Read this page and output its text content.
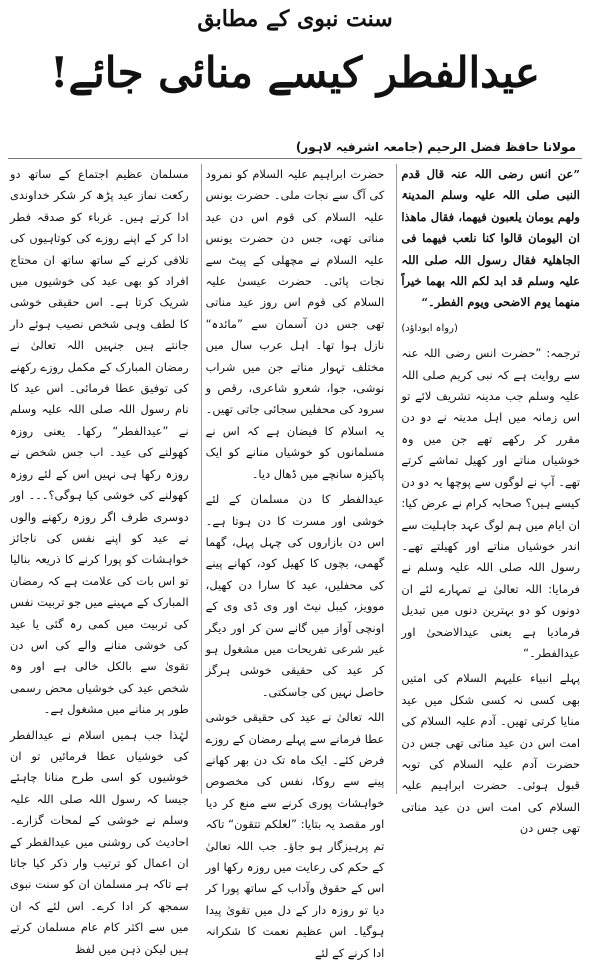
سنت نبوی کے مطابق
عیدالفطر کیسے منائی جائے!
مولانا حافظ فضل الرحیم (جامعہ اشرفیہ لاہور)

”عن انس رضی اللہ عنہ قال قدم النبی صلی اللہ علیہ وسلم المدینۃ ولھم یومان یلعبون فیھما، فقال ماھذا ان الیومان قالوا کنا نلعب فیھما فی الجاھلیۃ فقال رسول اللہ صلی اللہ علیہ وسلم قد ابد لکم اللہ بھما خیراً منھما یوم الاضحی ویوم الفطر۔“

(رواہ ابوداؤد)

ترجمہ: ”حضرت انس رضی اللہ عنہ سے روایت ہے کہ نبی کریم صلی اللہ علیہ وسلم جب مدینہ تشریف لائے تو اس زمانہ میں اہل مدینہ نے دو دن مقرر کر رکھے تھے جن میں وہ خوشیاں مناتے اور کھیل تماشے کرتے تھے۔ آپ نے لوگوں سے پوچھا یہ دو دن کیسے ہیں؟ صحابہ کرام نے عرض کیا: ان ایام میں ہم لوگ عہد جاہلیت سے اندر خوشیاں مناتے اور کھیلتے تھے۔ رسول اللہ صلی اللہ علیہ وسلم نے فرمایا: اللہ تعالیٰ نے تمہارے لئے ان دونوں کو دو بہترین دنوں میں تبدیل فرمادیا ہے یعنی عیدالاضحیٰ اور عیدالفطر۔“

پہلے انبیاء علیہم السلام کی امتیں بھی کسی نہ کسی شکل میں عید منایا کرتی تھیں۔ آدم علیہ السلام کی امت اس دن عید مناتی تھی جس دن حضرت آدم علیہ السلام کی توبہ قبول ہوئی۔ حضرت ابراہیم علیہ السلام کی امت اس دن عید مناتی تھی جس دن

حضرت ابراہیم علیہ السلام کو نمرود کی آگ سے نجات ملی۔ حضرت یونس علیہ السلام کی قوم اس دن عید مناتی تھی، جس دن حضرت یونس علیہ السلام نے مچھلی کے پیٹ سے نجات پائی۔ حضرت عیسیٰ علیہ السلام کی قوم اس روز عید مناتی تھی جس دن آسمان سے ”مائدہ“ نازل ہوا تھا۔ اہل عرب سال میں مختلف تہوار مناتے جن میں شراب نوشی، جوا، شعرو شاعری، رقص و سرود کی محفلیں سجائی جاتی تھیں۔ یہ اسلام کا فیضان ہے کہ اس نے مسلمانوں کو خوشیاں منانے کو ایک پاکیزہ سانچے میں ڈھال دیا۔

عیدالفطر کا دن مسلمان کے لئے خوشی اور مسرت کا دن ہوتا ہے۔ اس دن بازاروں کی چہل پہل، گھما گھمی، بچوں کا کھیل کود، کھانے پینے کی محفلیں، عید کا سارا دن کھیل، موویز، کیبل نیٹ اور وی ڈی وی کے اونچی آواز میں گانے سن کر اور دیگر غیر شرعی تفریحات میں مشغول ہو کر عید کی حقیقی خوشی ہرگز حاصل نہیں کی جاسکتی۔

اللہ تعالیٰ نے عید کی حقیقی خوشی عطا فرمانے سے پہلے رمضان کے روزے فرض کئے۔ ایک ماہ تک دن بھر کھانے پینے سے روکا، نفس کی مخصوص خواہشات پوری کرنے سے منع کر دیا اور مقصد یہ بتایا: ”لعلکم تتقون“ تاکہ تم پرہیزگار ہو جاؤ۔ جب اللہ تعالیٰ کے حکم کی رعایت میں روزہ رکھا اور اس کے حقوق وآداب کے ساتھ پورا کر دیا تو روزہ دار کے دل میں تقویٰ پیدا ہوگیا۔ اس عظیم نعمت کا شکرانہ ادا کرنے کے لئے

مسلمان عظیم اجتماع کے ساتھ دو رکعت نماز عید پڑھ کر شکر خداوندی ادا کرتے ہیں۔ غرباء کو صدقہ فطر ادا کر کے اپنے روزے کی کوتاہیوں کی تلافی کرنے کے ساتھ ساتھ ان محتاج افراد کو بھی عید کی خوشیوں میں شریک کرتا ہے۔ اس حقیقی خوشی کا لطف وہی شخص نصیب ہوئے دار جانتے ہیں جنہیں اللہ تعالیٰ نے رمضان المبارک کے مکمل روزے رکھنے کی توفیق عطا فرمائی۔ اس عید کا نام رسول اللہ صلی اللہ علیہ وسلم نے ”عیدالفطر“ رکھا۔ یعنی روزہ کھولنے کی عید۔ اب جس شخص نے روزہ رکھا ہی نہیں اس کے لئے روزہ کھولنے کی خوشی کیا ہوگی؟۔۔۔ اور دوسری طرف اگر روزہ رکھنے والوں نے عید کو اپنے نفس کی ناجائز خواہشات کو پورا کرنے کا ذریعہ بنالیا تو اس بات کی علامت ہے کہ رمضان المبارک کے مہینے میں جو تربیت نفس کی تربیت میں کمی رہ گئی یا عید کی خوشی منانے والے کی اس دن تقویٰ سے بالکل خالی ہے اور وہ شخص عید کی خوشیاں محض رسمی طور پر منانے میں مشغول ہے۔

لہٰذا جب ہمیں اسلام نے عیدالفطر کی خوشیاں عطا فرمائیں تو ان خوشیوں کو اسی طرح منانا چاہئے جیسا کہ رسول اللہ صلی اللہ علیہ وسلم نے خوشی کے لمحات گزارے۔ احادیث کی روشنی میں عیدالفطر کے ان اعمال کو ترتیب وار ذکر کیا جاتا ہے تاکہ ہر مسلمان ان کو سنت نبوی سمجھ کر ادا کرے۔ اس لئے کہ ان میں سے اکثر کام عام مسلمان کرتے ہیں لیکن ذہن میں لفظ
